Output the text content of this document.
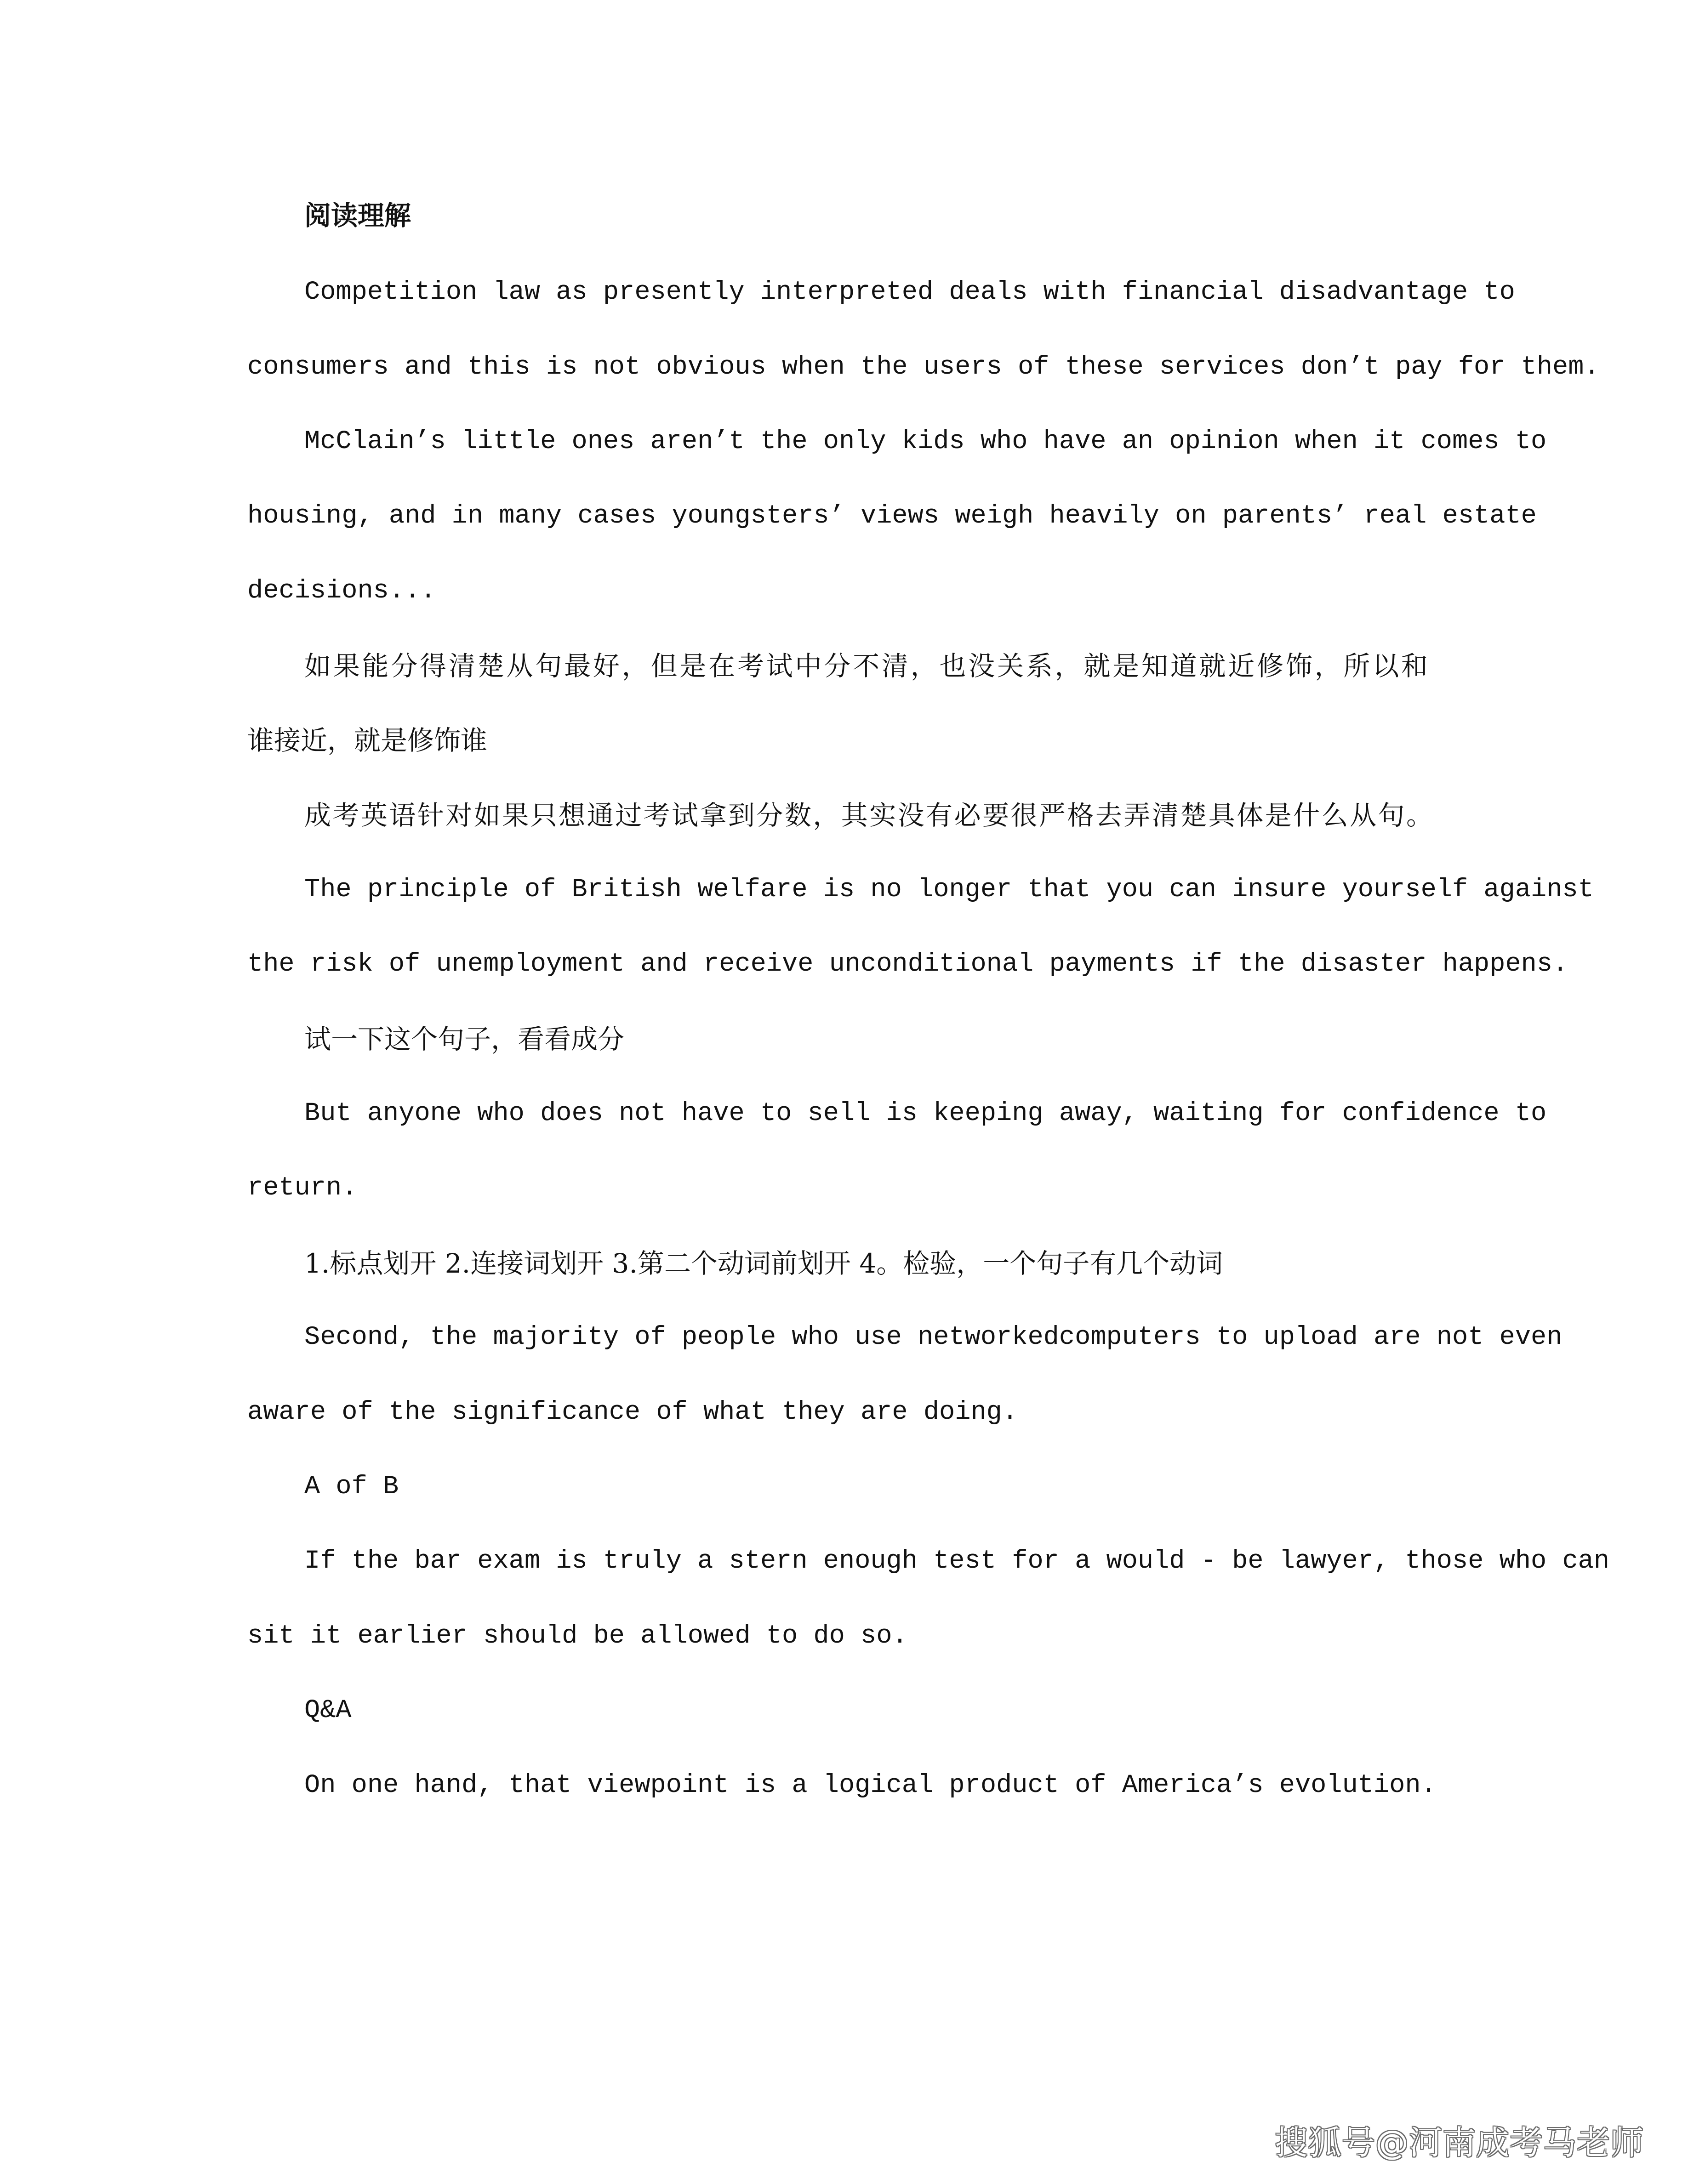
阅读理解
Competition law as presently interpreted deals with financial disadvantage to
consumers and this is not obvious when the users of these services don’t pay for them.
McClain’s little ones aren’t the only kids who have an opinion when it comes to
housing, and in many cases youngsters’ views weigh heavily on parents’ real estate
decisions...
如果能分得清楚从句最好，但是在考试中分不清，也没关系，就是知道就近修饰，所以和
谁接近，就是修饰谁
成考英语针对如果只想通过考试拿到分数，其实没有必要很严格去弄清楚具体是什么从句。
The principle of British welfare is no longer that you can insure yourself against
the risk of unemployment and receive unconditional payments if the disaster happens.
试一下这个句子，看看成分
But anyone who does not have to sell is keeping away, waiting for confidence to
return.
1.标点划开 2.连接词划开 3.第二个动词前划开 4。检验，一个句子有几个动词
Second, the majority of people who use networkedcomputers to upload are not even
aware of the significance of what they are doing.
A of B
If the bar exam is truly a stern enough test for a would - be lawyer, those who can
sit it earlier should be allowed to do so.
Q&A
On one hand, that viewpoint is a logical product of America’s evolution.
搜狐号@河南成考马老师
